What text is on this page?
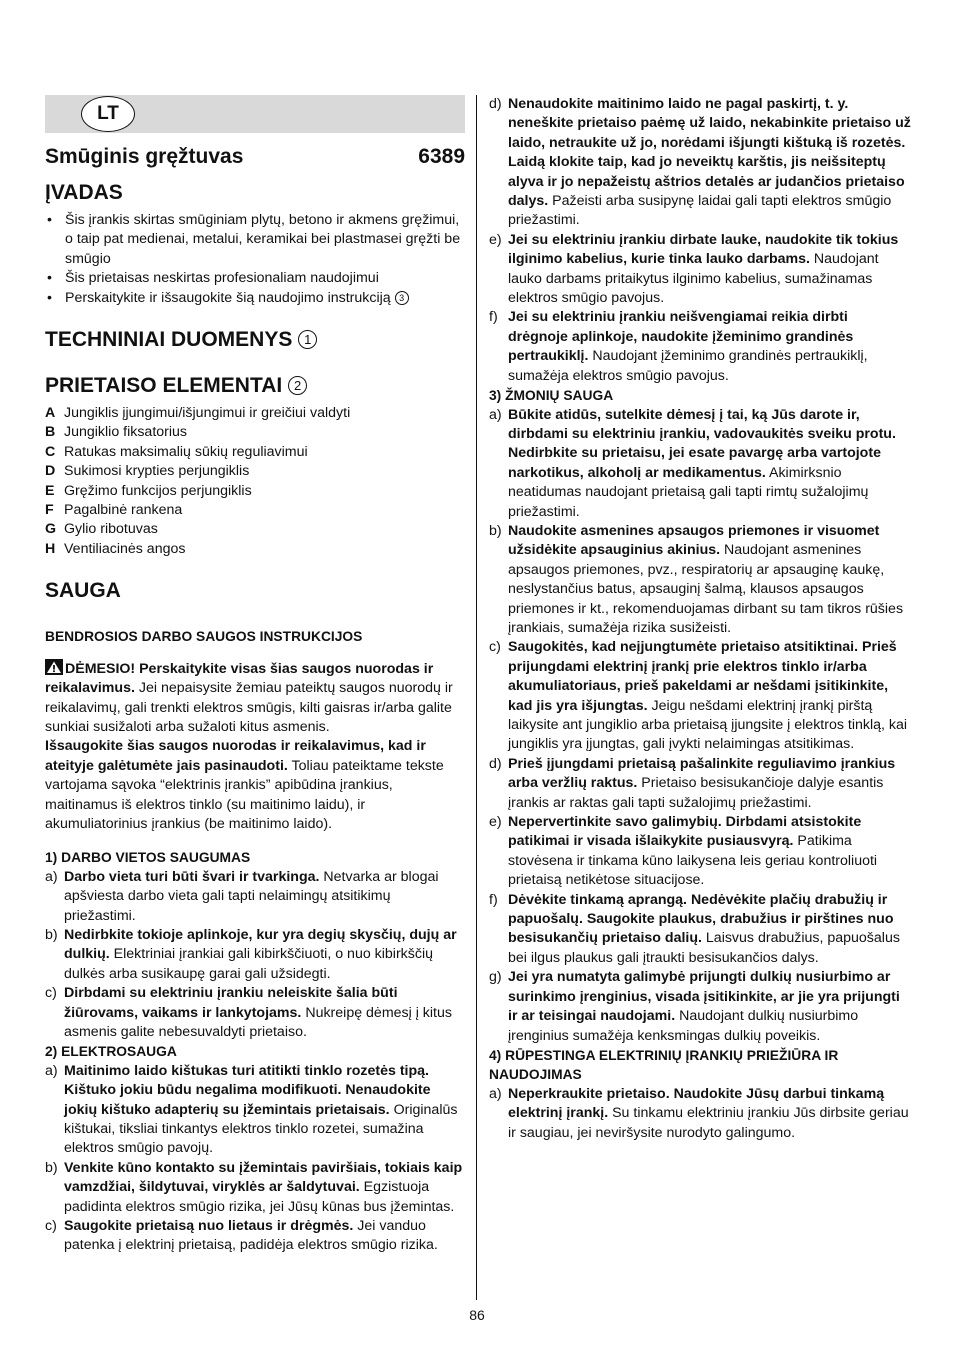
LT
Smūginis gręžtuvas	6389
ĮVADAS
• Šis įrankis skirtas smūginiam plytų, betono ir akmens gręžimui, o taip pat medienai, metalui, keramikai bei plastmasei gręžti be smūgio
• Šis prietaisas neskirtas profesionaliam naudojimui
• Perskaitykite ir išsaugokite šią naudojimo instrukciją 3
TECHNINIAI DUOMENYS 1
PRIETAISO ELEMENTAI 2
A Jungiklis įjungimui/išjungimui ir greičiui valdyti
B Jungiklio fiksatorius
C Ratukas maksimalių sūkių reguliavimui
D Sukimosi krypties perjungiklis
E Gręžimo funkcijos perjungiklis
F Pagalbinė rankena
G Gylio ribotuvas
H Ventiliacinės angos
SAUGA
BENDROSIOS DARBO SAUGOS INSTRUKCIJOS
DĖMESIO! Perskaitykite visas šias saugos nuorodas ir reikalavimus. Jei nepaisysite žemiau pateiktų saugos nuorodų ir reikalavimų, gali trenkti elektros smūgis, kilti gaisras ir/arba galite sunkiai susižaloti arba sužaloti kitus asmenis.
Išsaugokite šias saugos nuorodas ir reikalavimus, kad ir ateityje galėtumėte jais pasinaudoti. Toliau pateiktame tekste vartojama sąvoka “elektrinis įrankis” apibūdina įrankius, maitinamus iš elektros tinklo (su maitinimo laidu), ir akumuliatorinius įrankius (be maitinimo laido).
1) DARBO VIETOS SAUGUMAS
a) Darbo vieta turi būti švari ir tvarkinga. Netvarka ar blogai apšviesta darbo vieta gali tapti nelaimingų atsitikimų priežastimi.
b) Nedirbkite tokioje aplinkoje, kur yra degių skysčių, dujų ar dulkių. Elektriniai įrankiai gali kibirkščiuoti, o nuo kibirkščių dulkės arba susikaupę garai gali užsidegti.
c) Dirbdami su elektriniu įrankiu neleiskite šalia būti žiūrovams, vaikams ir lankytojams. Nukreipę dėmesį į kitus asmenis galite nebesuvaldyti prietaiso.
2) ELEKTROSAUGA
a) Maitinimo laido kištukas turi atitikti tinklo rozetės tipą. Kištuko jokiu būdu negalima modifikuoti. Nenaudokite jokių kištuko adapterių su įžemintais prietaisais. Originalūs kištukai, tiksliai tinkantys elektros tinklo rozetei, sumažina elektros smūgio pavojų.
b) Venkite kūno kontakto su įžemintais paviršiais, tokiais kaip vamzdžiai, šildytuvai, viryklės ar šaldytuvai. Egzistuoja padidinta elektros smūgio rizika, jei Jūsų kūnas bus įžemintas.
c) Saugokite prietaisą nuo lietaus ir drėgmės. Jei vanduo patenka į elektrinį prietaisą, padidėja elektros smūgio rizika.
d) Nenaudokite maitinimo laido ne pagal paskirtį, t. y. neneškite prietaiso paėmę už laido, nekabinkite prietaiso už laido, netraukite už jo, norėdami išjungti kištuką iš rozetės. Laidą klokite taip, kad jo neveiktų karštis, jis neišsiteptų alyva ir jo nepažeistų aštrios detalės ar judančios prietaiso dalys. Pažeisti arba susipynę laidai gali tapti elektros smūgio priežastimi.
e) Jei su elektriniu įrankiu dirbate lauke, naudokite tik tokius ilginimo kabelius, kurie tinka lauko darbams. Naudojant lauko darbams pritaikytus ilginimo kabelius, sumažinamas elektros smūgio pavojus.
f) Jei su elektriniu įrankiu neišvengiamai reikia dirbti drėgnoje aplinkoje, naudokite įžeminimo grandinės pertraukiklį. Naudojant įžeminimo grandinės pertraukiklį, sumažėja elektros smūgio pavojus.
3) ŽMONIŲ SAUGA
a) Būkite atidūs, sutelkite dėmesį į tai, ką Jūs darote ir, dirbdami su elektriniu įrankiu, vadovaukitės sveiku protu. Nedirbkite su prietaisu, jei esate pavargę arba vartojote narkotikus, alkoholį ar medikamentus. Akimirksnio neatidumas naudojant prietaisą gali tapti rimtų sužalojimų priežastimi.
b) Naudokite asmenines apsaugos priemones ir visuomet užsidėkite apsauginius akinius. Naudojant asmenines apsaugos priemones, pvz., respiratorių ar apsauginę kaukę, neslystančius batus, apsauginį šalmą, klausos apsaugos priemones ir kt., rekomenduojamas dirbant su tam tikros rūšies įrankiais, sumažėja rizika susižeisti.
c) Saugokitės, kad neįjungtumėte prietaiso atsitiktinai. Prieš prijungdami elektrinį įrankį prie elektros tinklo ir/arba akumuliatoriaus, prieš pakeldami ar nešdami įsitikinkite, kad jis yra išjungtas. Jeigu nešdami elektrinį įrankį pirštą laikysite ant jungiklio arba prietaisą įjungsite į elektros tinklą, kai jungiklis yra įjungtas, gali įvykti nelaimingas atsitikimas.
d) Prieš įjungdami prietaisą pašalinkite reguliavimo įrankius arba veržlių raktus. Prietaiso besisukančioje dalyje esantis įrankis ar raktas gali tapti sužalojimų priežastimi.
e) Nepervertinkite savo galimybių. Dirbdami atsistokite patikimai ir visada išlaikykite pusiausvyrą. Patikima stovėsena ir tinkama kūno laikysena leis geriau kontroliuoti prietaisą netikėtose situacijose.
f) Dėvėkite tinkamą aprangą. Nedėvėkite plačių drabužių ir papuošalų. Saugokite plaukus, drabužius ir pirštines nuo besisukančių prietaiso dalių. Laisvus drabužius, papuošalus bei ilgus plaukus gali įtraukti besisukančios dalys.
g) Jei yra numatyta galimybė prijungti dulkių nusiurbimo ar surinkimo įrenginius, visada įsitikinkite, ar jie yra prijungti ir ar teisingai naudojami. Naudojant dulkių nusiurbimo įrenginius sumažėja kenksmingas dulkių poveikis.
4) RŪPESTINGA ELEKTRINIŲ ĮRANKIŲ PRIEŽIŪRA IR NAUDOJIMAS
a) Neperkraukite prietaiso. Naudokite Jūsų darbui tinkamą elektrinį įrankį. Su tinkamu elektriniu įrankiu Jūs dirbsite geriau ir saugiau, jei neviršysite nurodyto galingumo.
86
